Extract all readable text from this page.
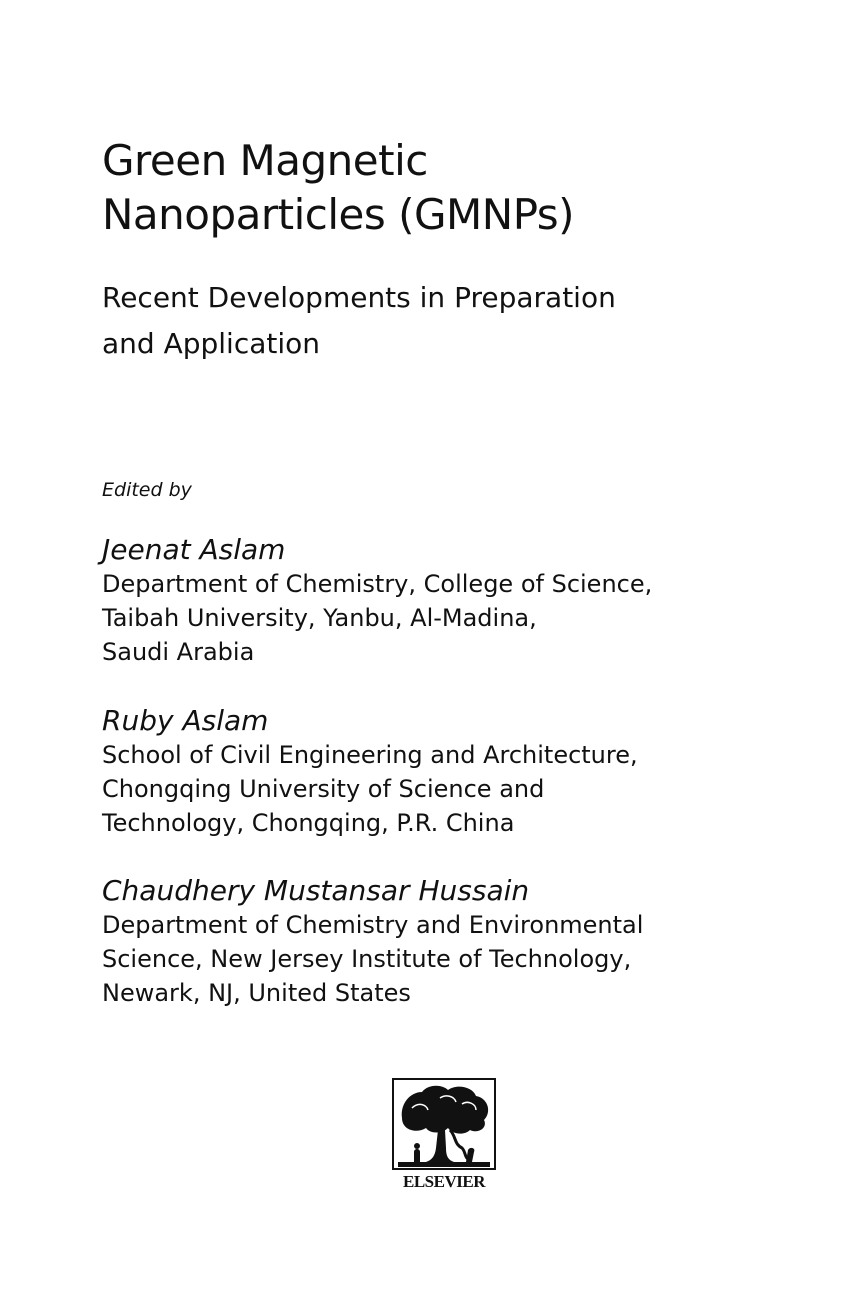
Green Magnetic
Nanoparticles (GMNPs)
Recent Developments in Preparation
and Application
Edited by
Jeenat Aslam
Department of Chemistry, College of Science,
Taibah University, Yanbu, Al-Madina,
Saudi Arabia
Ruby Aslam
School of Civil Engineering and Architecture,
Chongqing University of Science and
Technology, Chongqing, P.R. China
Chaudhery Mustansar Hussain
Department of Chemistry and Environmental
Science, New Jersey Institute of Technology,
Newark, NJ, United States
ELSEVIER
